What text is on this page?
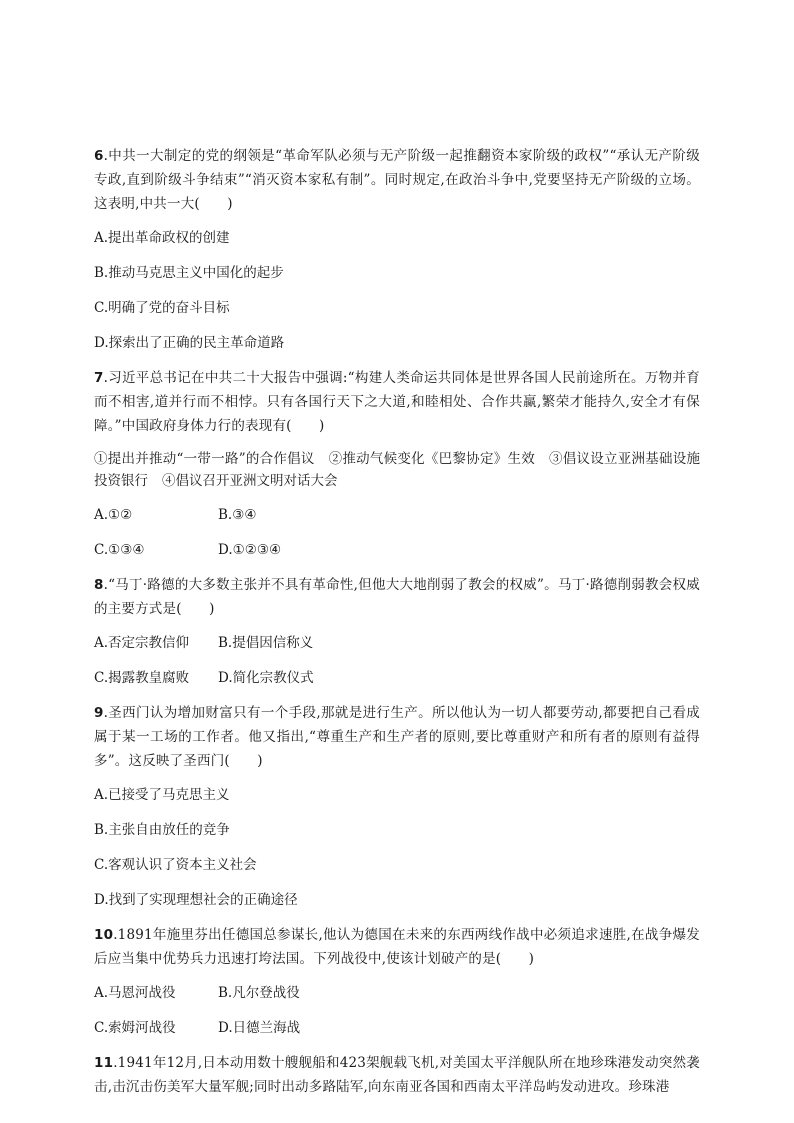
6.中共一大制定的党的纲领是“革命军队必须与无产阶级一起推翻资本家阶级的政权”“承认无产阶级专政,直到阶级斗争结束”“消灭资本家私有制”。同时规定,在政治斗争中,党要坚持无产阶级的立场。这表明,中共一大(　　)

A.提出革命政权的创建

B.推动马克思主义中国化的起步

C.明确了党的奋斗目标

D.探索出了正确的民主革命道路

7.习近平总书记在中共二十大报告中强调:“构建人类命运共同体是世界各国人民前途所在。万物并育而不相害,道并行而不相悖。只有各国行天下之大道,和睦相处、合作共赢,繁荣才能持久,安全才有保障。”中国政府身体力行的表现有(　　)

①提出并推动“一带一路”的合作倡议 ②推动气候变化《巴黎协定》生效 ③倡议设立亚洲基础设施投资银行 ④倡议召开亚洲文明对话大会

A.①②	B.③④
C.①③④	D.①②③④

8.“马丁·路德的大多数主张并不具有革命性,但他大大地削弱了教会的权威”。马丁·路德削弱教会权威的主要方式是(　　)

A.否定宗教信仰	B.提倡因信称义
C.揭露教皇腐败	D.简化宗教仪式

9.圣西门认为增加财富只有一个手段,那就是进行生产。所以他认为一切人都要劳动,都要把自己看成属于某一工场的工作者。他又指出,“尊重生产和生产者的原则,要比尊重财产和所有者的原则有益得多”。这反映了圣西门(　　)

A.已接受了马克思主义

B.主张自由放任的竞争

C.客观认识了资本主义社会

D.找到了实现理想社会的正确途径

10.1891年施里芬出任德国总参谋长,他认为德国在未来的东西两线作战中必须追求速胜,在战争爆发后应当集中优势兵力迅速打垮法国。下列战役中,使该计划破产的是(　　)

A.马恩河战役	B.凡尔登战役
C.索姆河战役	D.日德兰海战

11.1941年12月,日本动用数十艘舰船和423架舰载飞机,对美国太平洋舰队所在地珍珠港发动突然袭击,击沉击伤美军大量军舰;同时出动多路陆军,向东南亚各国和西南太平洋岛屿发动进攻。珍珠港
